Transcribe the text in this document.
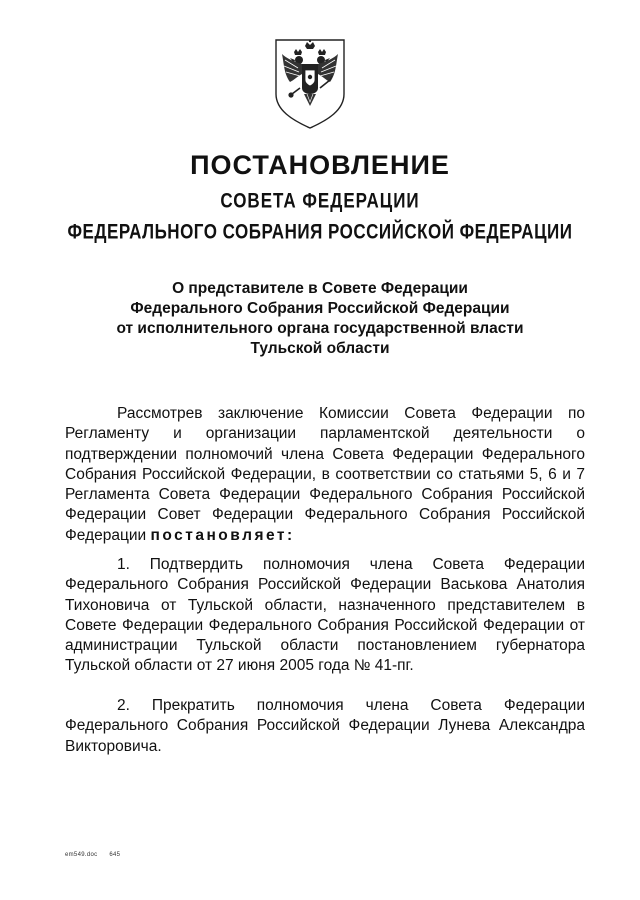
ПОСТАНОВЛЕНИЕ
СОВЕТА ФЕДЕРАЦИИ
ФЕДЕРАЛЬНОГО СОБРАНИЯ РОССИЙСКОЙ ФЕДЕРАЦИИ
О представителе в Совете Федерации
Федерального Собрания Российской Федерации
от исполнительного органа государственной власти
Тульской области

Рассмотрев заключение Комиссии Совета Федерации по Регламенту и организации парламентской деятельности о подтверждении полномочий члена Совета Федерации Федерального Собрания Российской Федерации, в соответствии со статьями 5, 6 и 7 Регламента Совета Федерации Федерального Собрания Российской Федерации Совет Федерации Федерального Собрания Российской Федерации постановляет:

1. Подтвердить полномочия члена Совета Федерации Федерального Собрания Российской Федерации Васькова Анатолия Тихоновича от Тульской области, назначенного представителем в Совете Федерации Федерального Собрания Российской Федерации от администрации Тульской области постановлением губернатора Тульской области от 27 июня 2005 года № 41-пг.

2. Прекратить полномочия члена Совета Федерации Федерального Собрания Российской Федерации Лунева Александра Викторовича.

em549.doc 645
